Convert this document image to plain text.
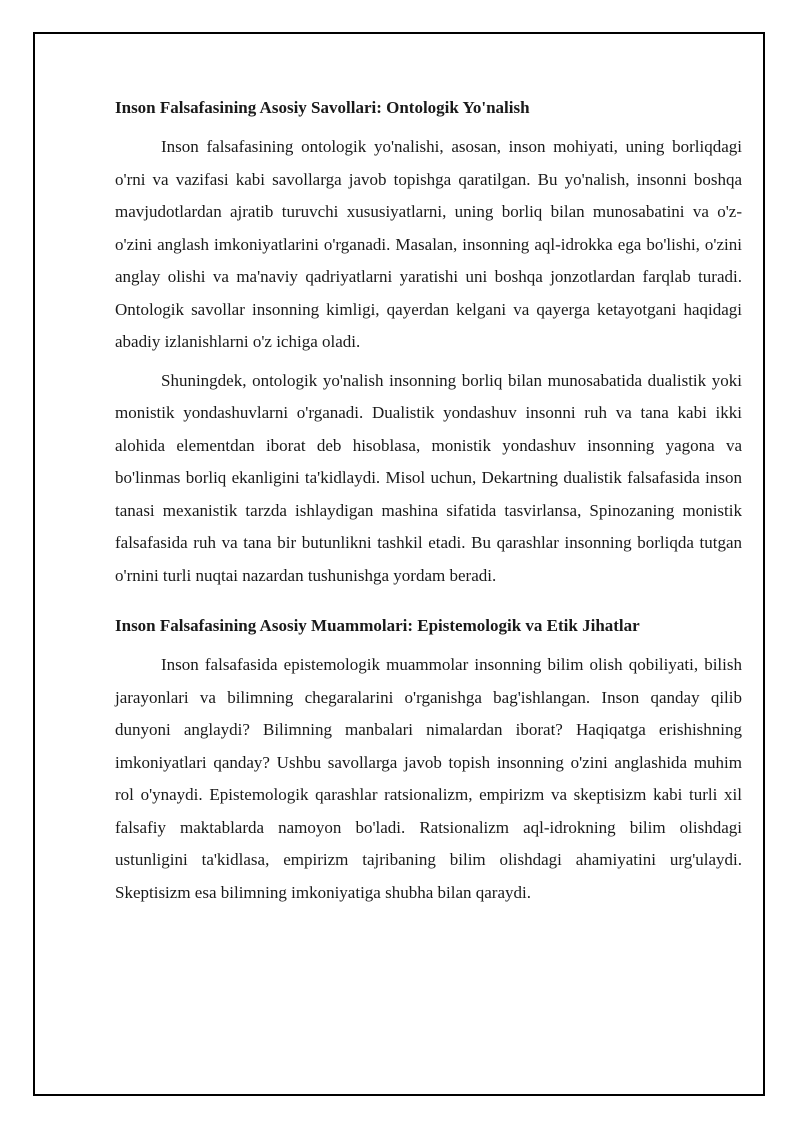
Inson Falsafasining Asosiy Savollari: Ontologik Yo'nalish

Inson falsafasining ontologik yo'nalishi, asosan, inson mohiyati, uning borliqdagi o'rni va vazifasi kabi savollarga javob topishga qaratilgan. Bu yo'nalish, insonni boshqa mavjudotlardan ajratib turuvchi xususiyatlarni, uning borliq bilan munosabatini va o'z-o'zini anglash imkoniyatlarini o'rganadi. Masalan, insonning aql-idrokka ega bo'lishi, o'zini anglay olishi va ma'naviy qadriyatlarni yaratishi uni boshqa jonzotlardan farqlab turadi. Ontologik savollar insonning kimligi, qayerdan kelgani va qayerga ketayotgani haqidagi abadiy izlanishlarni o'z ichiga oladi.

Shuningdek, ontologik yo'nalish insonning borliq bilan munosabatida dualistik yoki monistik yondashuvlarni o'rganadi. Dualistik yondashuv insonni ruh va tana kabi ikki alohida elementdan iborat deb hisoblasa, monistik yondashuv insonning yagona va bo'linmas borliq ekanligini ta'kidlaydi. Misol uchun, Dekartning dualistik falsafasida inson tanasi mexanistik tarzda ishlaydigan mashina sifatida tasvirlansa, Spinozaning monistik falsafasida ruh va tana bir butunlikni tashkil etadi. Bu qarashlar insonning borliqda tutgan o'rnini turli nuqtai nazardan tushunishga yordam beradi.

Inson Falsafasining Asosiy Muammolari: Epistemologik va Etik Jihatlar

Inson falsafasida epistemologik muammolar insonning bilim olish qobiliyati, bilish jarayonlari va bilimning chegaralarini o'rganishga bag'ishlangan. Inson qanday qilib dunyoni anglaydi? Bilimning manbalari nimalardan iborat? Haqiqatga erishishning imkoniyatlari qanday? Ushbu savollarga javob topish insonning o'zini anglashida muhim rol o'ynaydi. Epistemologik qarashlar ratsionalizm, empirizm va skeptisizm kabi turli xil falsafiy maktablarda namoyon bo'ladi. Ratsionalizm aql-idrokning bilim olishdagi ustunligini ta'kidlasa, empirizm tajribaning bilim olishdagi ahamiyatini urg'ulaydi. Skeptisizm esa bilimning imkoniyatiga shubha bilan qaraydi.
